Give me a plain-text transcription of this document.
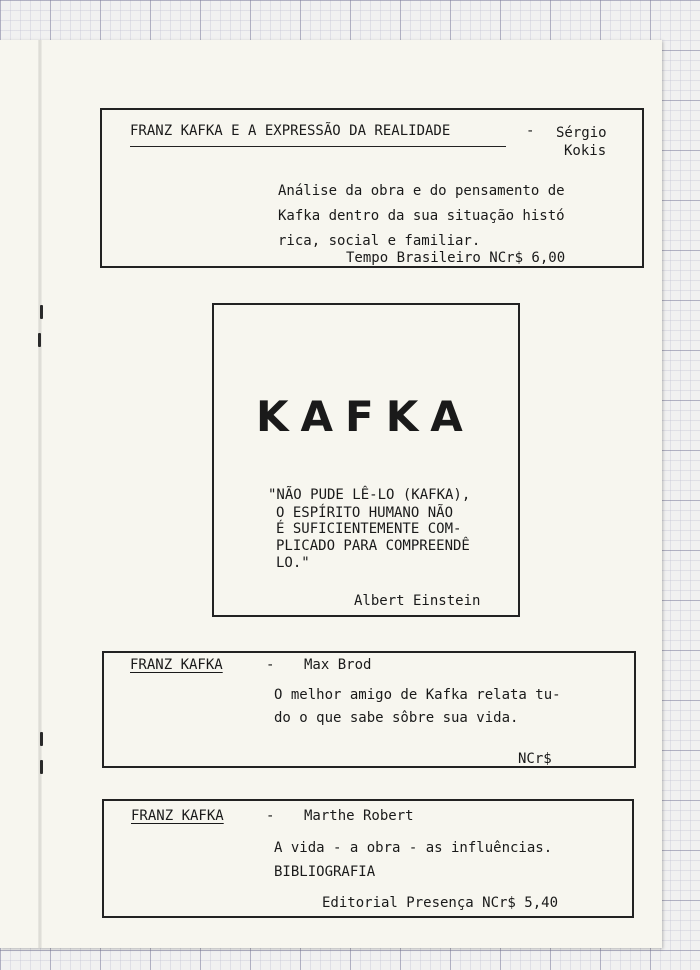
FRANZ KAFKA E A EXPRESSÃO DA REALIDADE	- Sérgio
Kokis
Análise da obra e do pensamento de
Kafka dentro da sua situação histó
rica, social e familiar.
Tempo Brasileiro NCr$ 6,00
KAFKA
"NÃO PUDE LÊ-LO (KAFKA),
O ESPÍRITO HUMANO NÃO
É SUFICIENTEMENTE COM-
PLICADO PARA COMPREENDÊ
LO."
Albert Einstein
FRANZ KAFKA	- Max Brod
O melhor amigo de Kafka relata tu-
do o que sabe sôbre sua vida.
NCr$
FRANZ KAFKA	- Marthe Robert
A vida - a obra - as influências.
BIBLIOGRAFIA
Editorial Presença NCr$ 5,40
